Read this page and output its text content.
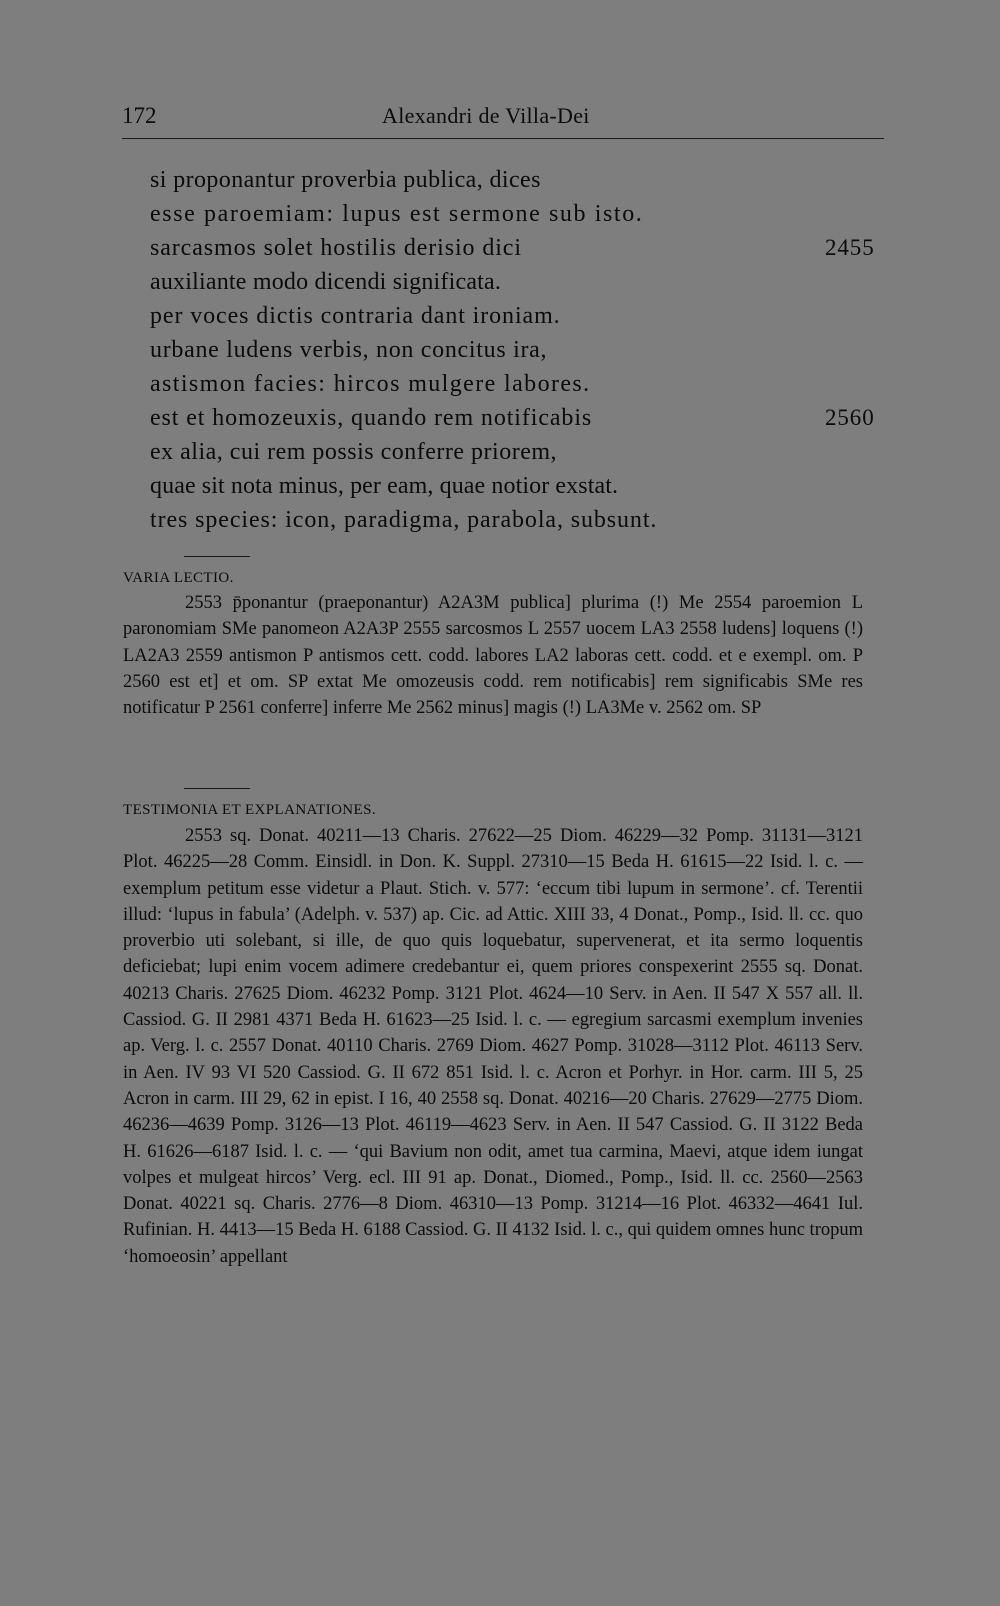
172	Alexandri de Villa-Dei
si proponantur proverbia publica, dices
esse paroemiam: lupus est sermone sub isto.
sarcasmos solet hostilis derisio dici	2455
auxiliante modo dicendi significata.
per voces dictis contraria dant ironiam.
urbane ludens verbis, non concitus ira,
astismon facies: hircos mulgere labores.
est et homozeuxis, quando rem notificabis	2560
ex alia, cui rem possis conferre priorem,
quae sit nota minus, per eam, quae notior exstat.
tres species: icon, paradigma, parabola, subsunt.
VARIA LECTIO.

2553 p̄ponantur (praeponantur) A2A3M publica] plurima (!) Me 2554 paroemion L paronomiam SMe panomeon A2A3P 2555 sarcosmos L 2557 uocem LA3 2558 ludens] loquens (!) LA2A3 2559 antismon P antismos cett. codd. labores LA2 laboras cett. codd. et e exempl. om. P 2560 est et] et om. SP extat Me omozeusis codd. rem notificabis] rem significabis SMe res notificatur P 2561 conferre] inferre Me 2562 minus] magis (!) LA3Me v. 2562 om. SP

TESTIMONIA ET EXPLANATIONES.

2553 sq. Donat. 40211—13 Charis. 27622—25 Diom. 46229—32 Pomp. 31131—3121 Plot. 46225—28 Comm. Einsidl. in Don. K. Suppl. 27310—15 Beda H. 61615—22 Isid. l. c. — exemplum petitum esse videtur a Plaut. Stich. v. 577: ‘eccum tibi lupum in sermone’. cf. Terentii illud: ‘lupus in fabula’ (Adelph. v. 537) ap. Cic. ad Attic. XIII 33, 4 Donat., Pomp., Isid. ll. cc. quo proverbio uti solebant, si ille, de quo quis loquebatur, supervenerat, et ita sermo loquentis deficiebat; lupi enim vocem adimere credebantur ei, quem priores conspexerint 2555 sq. Donat. 40213 Charis. 27625 Diom. 46232 Pomp. 3121 Plot. 4624—10 Serv. in Aen. II 547 X 557 all. ll. Cassiod. G. II 2981 4371 Beda H. 61623—25 Isid. l. c. — egregium sarcasmi exemplum invenies ap. Verg. l. c. 2557 Donat. 40110 Charis. 2769 Diom. 4627 Pomp. 31028—3112 Plot. 46113 Serv. in Aen. IV 93 VI 520 Cassiod. G. II 672 851 Isid. l. c. Acron et Porhyr. in Hor. carm. III 5, 25 Acron in carm. III 29, 62 in epist. I 16, 40 2558 sq. Donat. 40216—20 Charis. 27629—2775 Diom. 46236—4639 Pomp. 3126—13 Plot. 46119—4623 Serv. in Aen. II 547 Cassiod. G. II 3122 Beda H. 61626—6187 Isid. l. c. — ‘qui Bavium non odit, amet tua carmina, Maevi, atque idem iungat volpes et mulgeat hircos’ Verg. ecl. III 91 ap. Donat., Diomed., Pomp., Isid. ll. cc. 2560—2563 Donat. 40221 sq. Charis. 2776—8 Diom. 46310—13 Pomp. 31214—16 Plot. 46332—4641 Iul. Rufinian. H. 4413—15 Beda H. 6188 Cassiod. G. II 4132 Isid. l. c., qui quidem omnes hunc tropum ‘homoeosin’ appellant
